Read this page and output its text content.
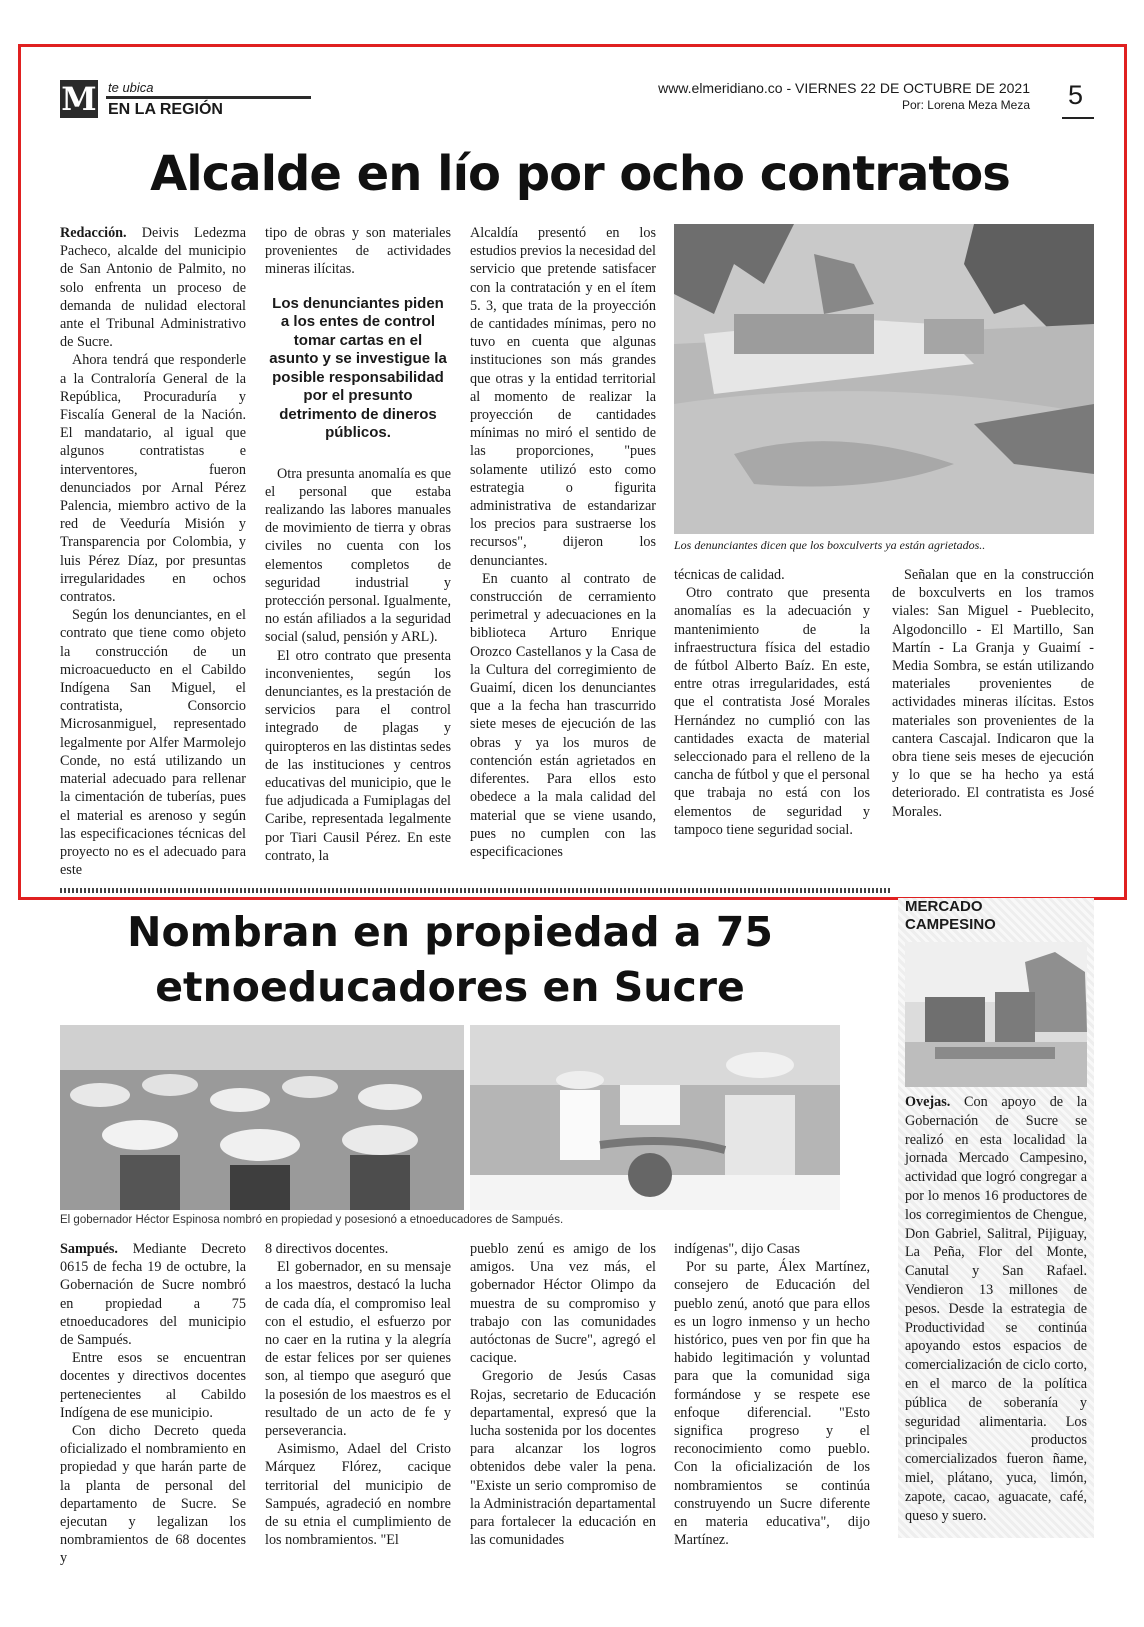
M te ubica
EN LA REGIÓN
www.elmeridiano.co - VIERNES 22 DE OCTUBRE DE 2021
Por: Lorena Meza Meza 5
Alcalde en lío por ocho contratos

Redacción. Deivis Ledezma Pacheco, alcalde del municipio de San Antonio de Palmito, no solo enfrenta un proceso de demanda de nulidad electoral ante el Tribunal Administrativo de Sucre.

Ahora tendrá que responderle a la Contraloría General de la República, Procuraduría y Fiscalía General de la Nación. El mandatario, al igual que algunos contratistas e interventores, fueron denunciados por Arnal Pérez Palencia, miembro activo de la red de Veeduría Misión y Transparencia por Colombia, y luis Pérez Díaz, por presuntas irregularidades en ochos contratos.

Según los denunciantes, en el contrato que tiene como objeto la construcción de un microacueducto en el Cabildo Indígena San Miguel, el contratista, Consorcio Microsanmiguel, representado legalmente por Alfer Marmolejo Conde, no está utilizando un material adecuado para rellenar la cimentación de tuberías, pues el material es arenoso y según las especificaciones técnicas del proyecto no es el adecuado para este

tipo de obras y son materiales provenientes de actividades mineras ilícitas.

Los denunciantes piden a los entes de control tomar cartas en el asunto y se investigue la posible responsabilidad por el presunto detrimento de dineros públicos.

Otra presunta anomalía es que el personal que estaba realizando las labores manuales de movimiento de tierra y obras civiles no cuenta con los elementos completos de seguridad industrial y protección personal. Igualmente, no están afiliados a la seguridad social (salud, pensión y ARL).

El otro contrato que presenta inconvenientes, según los denunciantes, es la prestación de servicios para el control integrado de plagas y quiropteros en las distintas sedes de las instituciones y centros educativas del municipio, que le fue adjudicada a Fumiplagas del Caribe, representada legalmente por Tiari Causil Pérez. En este contrato, la

Alcaldía presentó en los estudios previos la necesidad del servicio que pretende satisfacer con la contratación y en el ítem 5. 3, que trata de la proyección de cantidades mínimas, pero no tuvo en cuenta que algunas instituciones son más grandes que otras y la entidad territorial al momento de realizar la proyección de cantidades mínimas no miró el sentido de las proporciones, "pues solamente utilizó esto como estrategia o figurita administrativa de estandarizar los precios para sustraerse los recursos", dijeron los denunciantes.

En cuanto al contrato de construcción de cerramiento perimetral y adecuaciones en la biblioteca Arturo Enrique Orozco Castellanos y la Casa de la Cultura del corregimiento de Guaimí, dicen los denunciantes que a la fecha han trascurrido siete meses de ejecución de las obras y ya los muros de contención están agrietados en diferentes. Para ellos esto obedece a la mala calidad del material que se viene usando, pues no cumplen con las especificaciones

Los denunciantes dicen que los boxculverts ya están agrietados..

técnicas de calidad.

Otro contrato que presenta anomalías es la adecuación y mantenimiento de la infraestructura física del estadio de fútbol Alberto Baíz. En este, entre otras irregularidades, está que el contratista José Morales Hernández no cumplió con las cantidades exacta de material seleccionado para el relleno de la cancha de fútbol y que el personal que trabaja no está con los elementos de seguridad y tampoco tiene seguridad social.

Señalan que en la construcción de boxculverts en los tramos viales: San Miguel - Pueblecito, Algodoncillo - El Martillo, San Martín - La Granja y Guaimí - Media Sombra, se están utilizando materiales provenientes de actividades mineras ilícitas. Estos materiales son provenientes de la cantera Cascajal. Indicaron que la obra tiene seis meses de ejecución y lo que se ha hecho ya está deteriorado. El contratista es José Morales.

Nombran en propiedad a 75
etnoeducadores en Sucre
El gobernador Héctor Espinosa nombró en propiedad y posesionó a etnoeducadores de Sampués.

Sampués. Mediante Decreto 0615 de fecha 19 de octubre, la Gobernación de Sucre nombró en propiedad a 75 etnoeducadores del municipio de Sampués.

Entre esos se encuentran docentes y directivos docentes pertenecientes al Cabildo Indígena de ese municipio.

Con dicho Decreto queda oficializado el nombramiento en propiedad y que harán parte de la planta de personal del departamento de Sucre. Se ejecutan y legalizan los nombramientos de 68 docentes y

8 directivos docentes.

El gobernador, en su mensaje a los maestros, destacó la lucha de cada día, el compromiso leal con el estudio, el esfuerzo por no caer en la rutina y la alegría de estar felices por ser quienes son, al tiempo que aseguró que la posesión de los maestros es el resultado de un acto de fe y perseverancia.

Asimismo, Adael del Cristo Márquez Flórez, cacique territorial del municipio de Sampués, agradeció en nombre de su etnia el cumplimiento de los nombramientos. "El

pueblo zenú es amigo de los amigos. Una vez más, el gobernador Héctor Olimpo da muestra de su compromiso y trabajo con las comunidades autóctonas de Sucre", agregó el cacique.

Gregorio de Jesús Casas Rojas, secretario de Educación departamental, expresó que la lucha sostenida por los docentes para alcanzar los logros obtenidos debe valer la pena. "Existe un serio compromiso de la Administración departamental para fortalecer la educación en las comunidades

indígenas", dijo Casas

Por su parte, Álex Martínez, consejero de Educación del pueblo zenú, anotó que para ellos es un logro inmenso y un hecho histórico, pues ven por fin que ha habido legitimación y voluntad para que la comunidad siga formándose y se respete ese enfoque diferencial. "Esto significa progreso y el reconocimiento como pueblo. Con la oficialización de los nombramientos se continúa construyendo un Sucre diferente en materia educativa", dijo Martínez.

MERCADO
CAMPESINO
Ovejas. Con apoyo de la Gobernación de Sucre se realizó en esta localidad la jornada Mercado Campesino, actividad que logró congregar a por lo menos 16 productores de los corregimientos de Chengue, Don Gabriel, Salitral, Pijiguay, La Peña, Flor del Monte, Canutal y San Rafael. Vendieron 13 millones de pesos. Desde la estrategia de Productividad se continúa apoyando estos espacios de comercialización de ciclo corto, en el marco de la política pública de soberanía y seguridad alimentaria. Los principales productos comercializados fueron ñame, miel, plátano, yuca, limón, zapote, cacao, aguacate, café, queso y suero.
